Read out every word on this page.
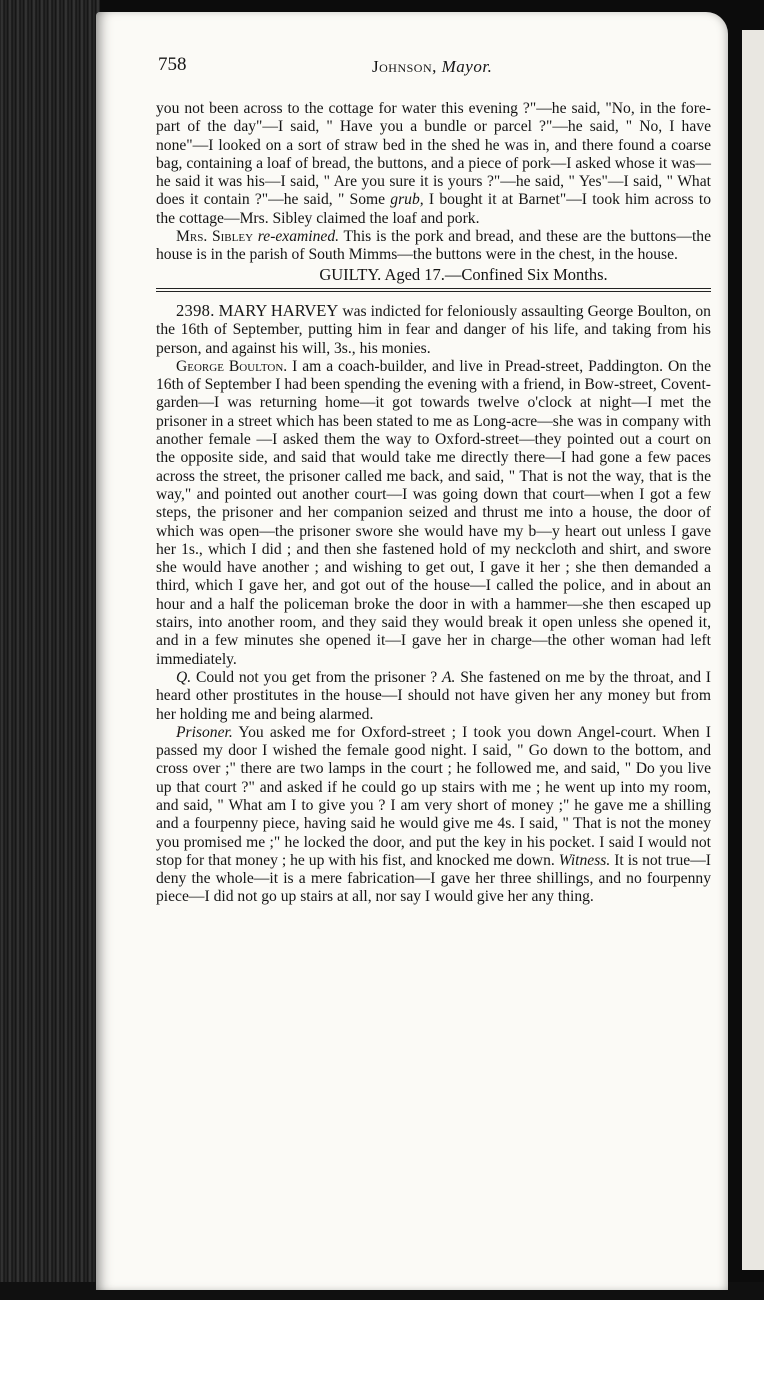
758	Johnson, Mayor.

you not been across to the cottage for water this evening ?"—he said, "No, in the fore-part of the day"—I said, " Have you a bundle or parcel ?"—he said, " No, I have none"—I looked on a sort of straw bed in the shed he was in, and there found a coarse bag, containing a loaf of bread, the buttons, and a piece of pork—I asked whose it was—he said it was his—I said, " Are you sure it is yours ?"—he said, " Yes"—I said, " What does it contain ?"—he said, " Some grub, I bought it at Barnet"—I took him across to the cottage—Mrs. Sibley claimed the loaf and pork.

Mrs. Sibley re-examined. This is the pork and bread, and these are the buttons—the house is in the parish of South Mimms—the buttons were in the chest, in the house.

GUILTY. Aged 17.—Confined Six Months.

2398. MARY HARVEY was indicted for feloniously assaulting George Boulton, on the 16th of September, putting him in fear and danger of his life, and taking from his person, and against his will, 3s., his monies.

George Boulton. I am a coach-builder, and live in Pread-street, Paddington. On the 16th of September I had been spending the evening with a friend, in Bow-street, Covent-garden—I was returning home—it got towards twelve o'clock at night—I met the prisoner in a street which has been stated to me as Long-acre—she was in company with another female —I asked them the way to Oxford-street—they pointed out a court on the opposite side, and said that would take me directly there—I had gone a few paces across the street, the prisoner called me back, and said, " That is not the way, that is the way," and pointed out another court—I was going down that court—when I got a few steps, the prisoner and her companion seized and thrust me into a house, the door of which was open—the prisoner swore she would have my b—y heart out unless I gave her 1s., which I did ; and then she fastened hold of my neckcloth and shirt, and swore she would have another ; and wishing to get out, I gave it her ; she then demanded a third, which I gave her, and got out of the house—I called the police, and in about an hour and a half the policeman broke the door in with a hammer—she then escaped up stairs, into another room, and they said they would break it open unless she opened it, and in a few minutes she opened it—I gave her in charge—the other woman had left immediately.

Q. Could not you get from the prisoner ? A. She fastened on me by the throat, and I heard other prostitutes in the house—I should not have given her any money but from her holding me and being alarmed.

Prisoner. You asked me for Oxford-street ; I took you down Angel-court. When I passed my door I wished the female good night. I said, " Go down to the bottom, and cross over ;" there are two lamps in the court ; he followed me, and said, " Do you live up that court ?" and asked if he could go up stairs with me ; he went up into my room, and said, " What am I to give you ? I am very short of money ;" he gave me a shilling and a fourpenny piece, having said he would give me 4s. I said, " That is not the money you promised me ;" he locked the door, and put the key in his pocket. I said I would not stop for that money ; he up with his fist, and knocked me down. Witness. It is not true—I deny the whole—it is a mere fabrication—I gave her three shillings, and no fourpenny piece—I did not go up stairs at all, nor say I would give her any thing.
